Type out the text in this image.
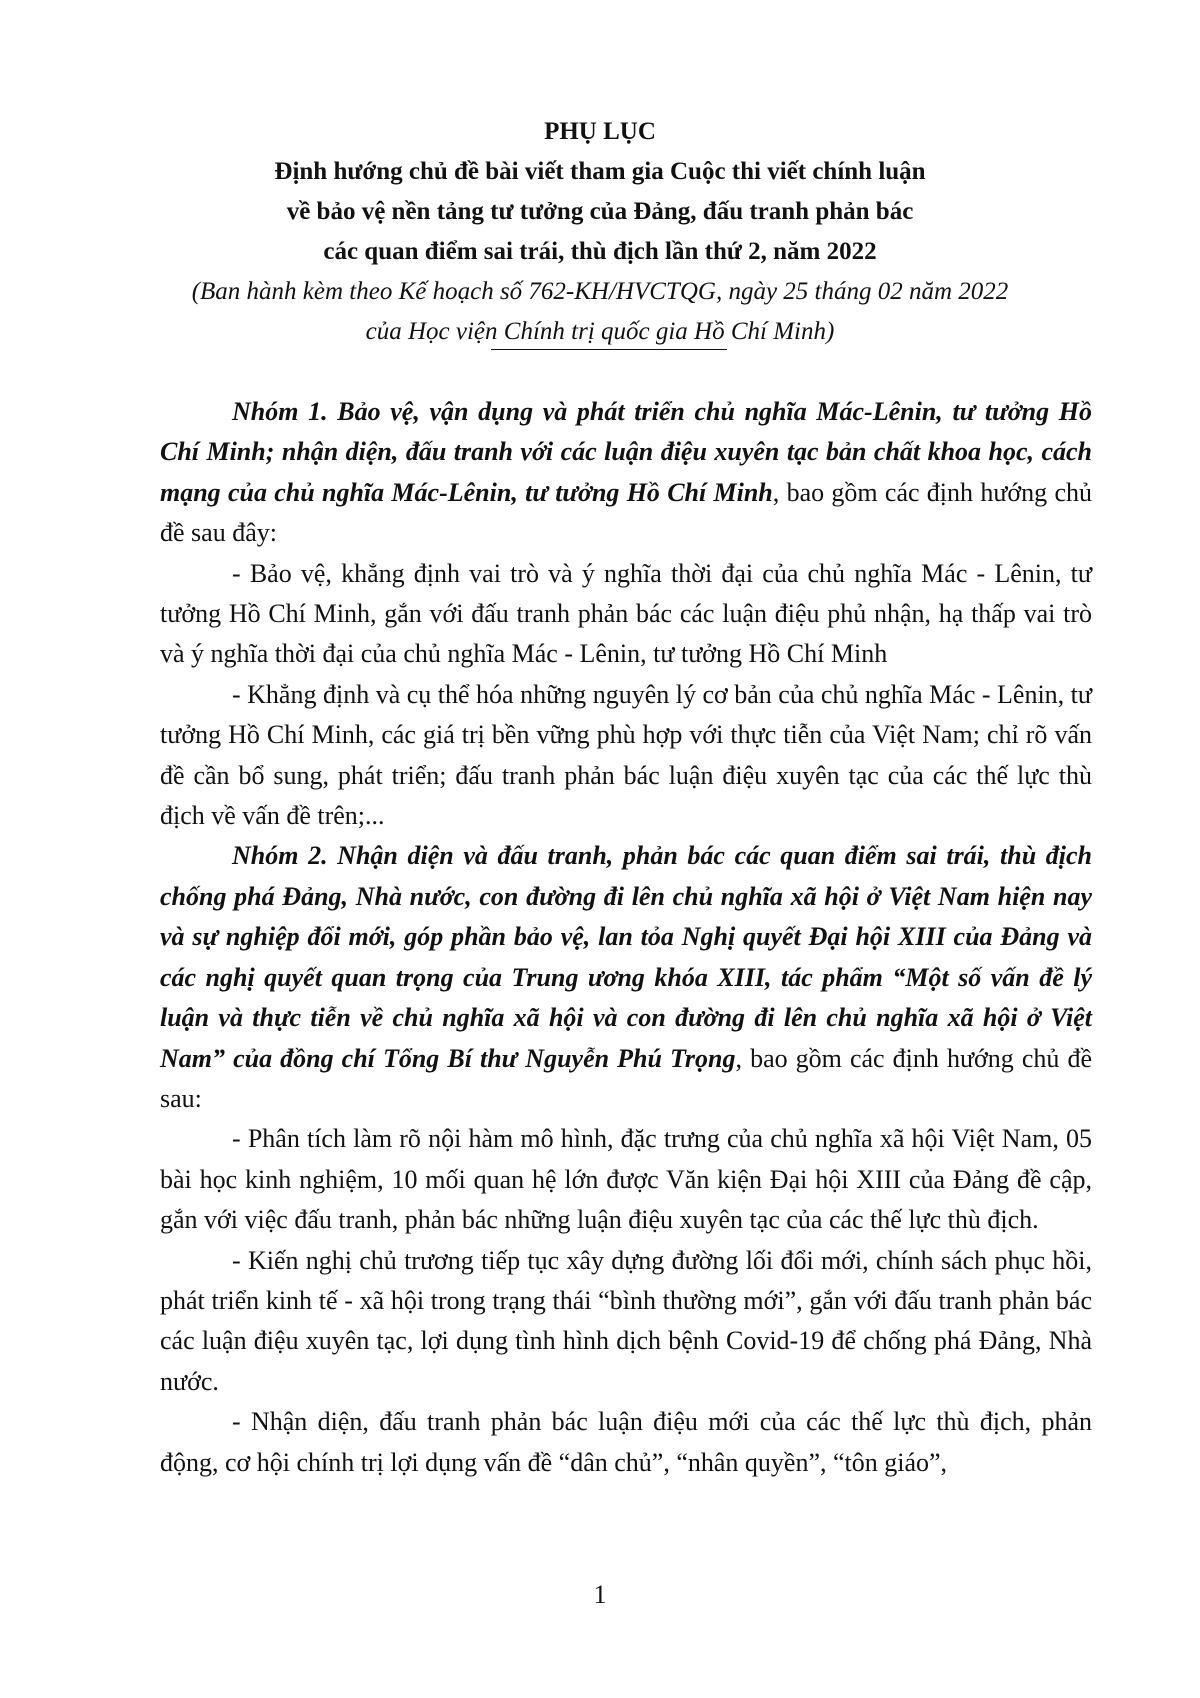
PHỤ LỤC
Định hướng chủ đề bài viết tham gia Cuộc thi viết chính luận
về bảo vệ nền tảng tư tưởng của Đảng, đấu tranh phản bác
các quan điểm sai trái, thù địch lần thứ 2, năm 2022
(Ban hành kèm theo Kế hoạch số 762-KH/HVCTQG, ngày 25 tháng 02 năm 2022
của Học viện Chính trị quốc gia Hồ Chí Minh)

Nhóm 1. Bảo vệ, vận dụng và phát triển chủ nghĩa Mác-Lênin, tư tưởng Hồ Chí Minh; nhận diện, đấu tranh với các luận điệu xuyên tạc bản chất khoa học, cách mạng của chủ nghĩa Mác-Lênin, tư tưởng Hồ Chí Minh, bao gồm các định hướng chủ đề sau đây:

- Bảo vệ, khẳng định vai trò và ý nghĩa thời đại của chủ nghĩa Mác - Lênin, tư tưởng Hồ Chí Minh, gắn với đấu tranh phản bác các luận điệu phủ nhận, hạ thấp vai trò và ý nghĩa thời đại của chủ nghĩa Mác - Lênin, tư tưởng Hồ Chí Minh

- Khẳng định và cụ thể hóa những nguyên lý cơ bản của chủ nghĩa Mác - Lênin, tư tưởng Hồ Chí Minh, các giá trị bền vững phù hợp với thực tiễn của Việt Nam; chỉ rõ vấn đề cần bổ sung, phát triển; đấu tranh phản bác luận điệu xuyên tạc của các thế lực thù địch về vấn đề trên;...

Nhóm 2. Nhận diện và đấu tranh, phản bác các quan điểm sai trái, thù địch chống phá Đảng, Nhà nước, con đường đi lên chủ nghĩa xã hội ở Việt Nam hiện nay và sự nghiệp đổi mới, góp phần bảo vệ, lan tỏa Nghị quyết Đại hội XIII của Đảng và các nghị quyết quan trọng của Trung ương khóa XIII, tác phẩm “Một số vấn đề lý luận và thực tiễn về chủ nghĩa xã hội và con đường đi lên chủ nghĩa xã hội ở Việt Nam” của đồng chí Tổng Bí thư Nguyễn Phú Trọng, bao gồm các định hướng chủ đề sau:

- Phân tích làm rõ nội hàm mô hình, đặc trưng của chủ nghĩa xã hội Việt Nam, 05 bài học kinh nghiệm, 10 mối quan hệ lớn được Văn kiện Đại hội XIII của Đảng đề cập, gắn với việc đấu tranh, phản bác những luận điệu xuyên tạc của các thế lực thù địch.

- Kiến nghị chủ trương tiếp tục xây dựng đường lối đổi mới, chính sách phục hồi, phát triển kinh tế - xã hội trong trạng thái “bình thường mới”, gắn với đấu tranh phản bác các luận điệu xuyên tạc, lợi dụng tình hình dịch bệnh Covid-19 để chống phá Đảng, Nhà nước.

- Nhận diện, đấu tranh phản bác luận điệu mới của các thế lực thù địch, phản động, cơ hội chính trị lợi dụng vấn đề “dân chủ”, “nhân quyền”, “tôn giáo”,

1
